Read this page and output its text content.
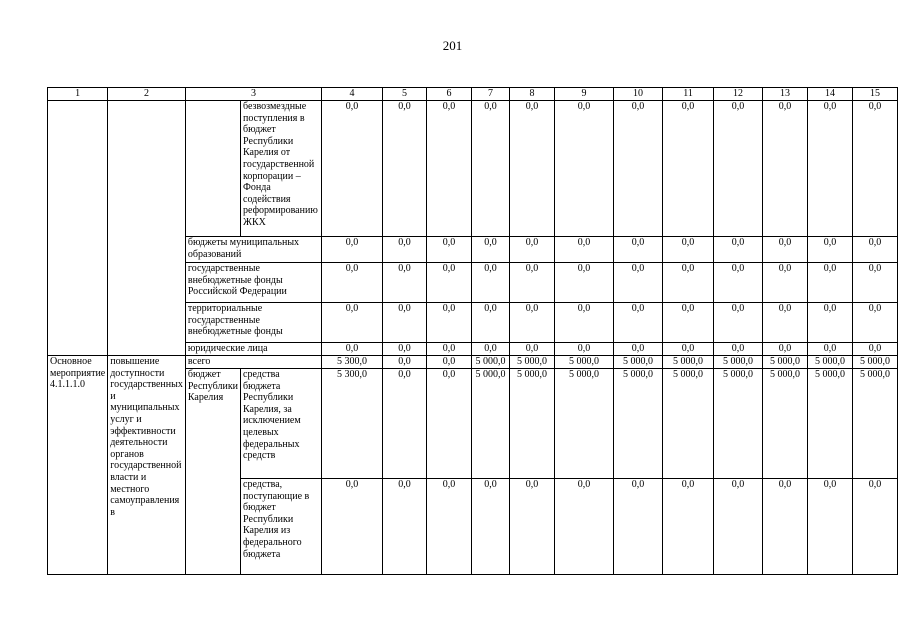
201
1	2	3		4	5	6	7	8	9	10	11	12	13	14	15
			безвозмездные поступления в бюджет Республики Карелия от государственной корпорации – Фонда содействия реформированию ЖКХ	0,0	0,0	0,0	0,0	0,0	0,0	0,0	0,0	0,0	0,0	0,0	0,0
		бюджеты муниципальных образований		0,0	0,0	0,0	0,0	0,0	0,0	0,0	0,0	0,0	0,0	0,0	0,0
		государственные внебюджетные фонды Российской Федерации		0,0	0,0	0,0	0,0	0,0	0,0	0,0	0,0	0,0	0,0	0,0	0,0
		территориальные государственные внебюджетные фонды		0,0	0,0	0,0	0,0	0,0	0,0	0,0	0,0	0,0	0,0	0,0	0,0
		юридические лица		0,0	0,0	0,0	0,0	0,0	0,0	0,0	0,0	0,0	0,0	0,0	0,0
Основное мероприятие 4.1.1.1.0	повышение доступности государственных и муниципальных услуг и эффективности деятельности органов государственной власти и местного самоуправления в	всего		5 300,0	0,0	0,0	5 000,0	5 000,0	5 000,0	5 000,0	5 000,0	5 000,0	5 000,0	5 000,0	5 000,0
		бюджет Республики Карелия	средства бюджета Республики Карелия, за исключением целевых федеральных средств	5 300,0	0,0	0,0	5 000,0	5 000,0	5 000,0	5 000,0	5 000,0	5 000,0	5 000,0	5 000,0	5 000,0
			средства, поступающие в бюджет Республики Карелия из федерального бюджета	0,0	0,0	0,0	0,0	0,0	0,0	0,0	0,0	0,0	0,0	0,0	0,0
